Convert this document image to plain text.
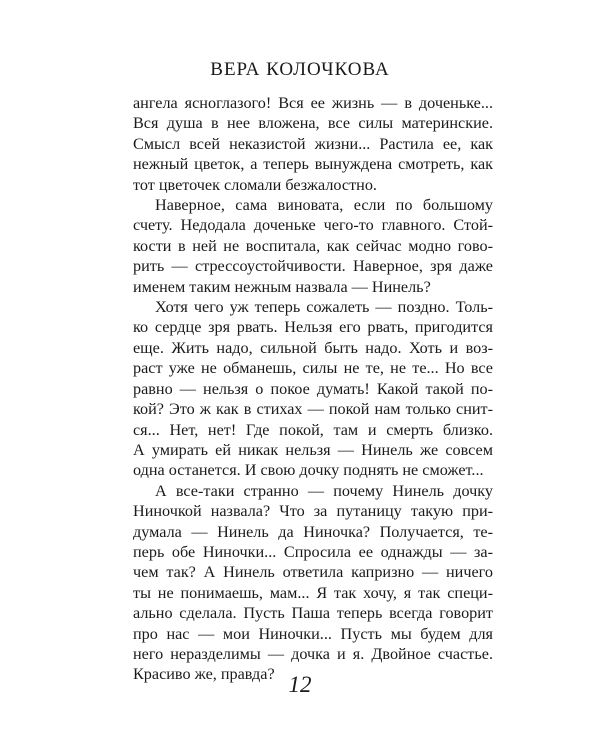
ВЕРА КОЛОЧКОВА
ангела ясноглазого! Вся ее жизнь — в доченьке...
Вся душа в нее вложена, все силы материнские.
Смысл всей неказистой жизни... Растила ее, как
нежный цветок, а теперь вынуждена смотреть, как
тот цветочек сломали безжалостно.
Наверное, сама виновата, если по большому
счету. Недодала доченьке чего-то главного. Стой-
кости в ней не воспитала, как сейчас модно гово-
рить — стрессоустойчивости. Наверное, зря даже
именем таким нежным назвала — Нинель?
Хотя чего уж теперь сожалеть — поздно. Толь-
ко сердце зря рвать. Нельзя его рвать, пригодится
еще. Жить надо, сильной быть надо. Хоть и воз-
раст уже не обманешь, силы не те, не те... Но все
равно — нельзя о покое думать! Какой такой по-
кой? Это ж как в стихах — покой нам только снит-
ся... Нет, нет! Где покой, там и смерть близко.
А умирать ей никак нельзя — Нинель же совсем
одна останется. И свою дочку поднять не сможет...
А все-таки странно — почему Нинель дочку
Ниночкой назвала? Что за путаницу такую при-
думала — Нинель да Ниночка? Получается, те-
перь обе Ниночки... Спросила ее однажды — за-
чем так? А Нинель ответила капризно — ничего
ты не понимаешь, мам... Я так хочу, я так специ-
ально сделала. Пусть Паша теперь всегда говорит
про нас — мои Ниночки... Пусть мы будем для
него неразделимы — дочка и я. Двойное счастье.
Красиво же, правда? 12
